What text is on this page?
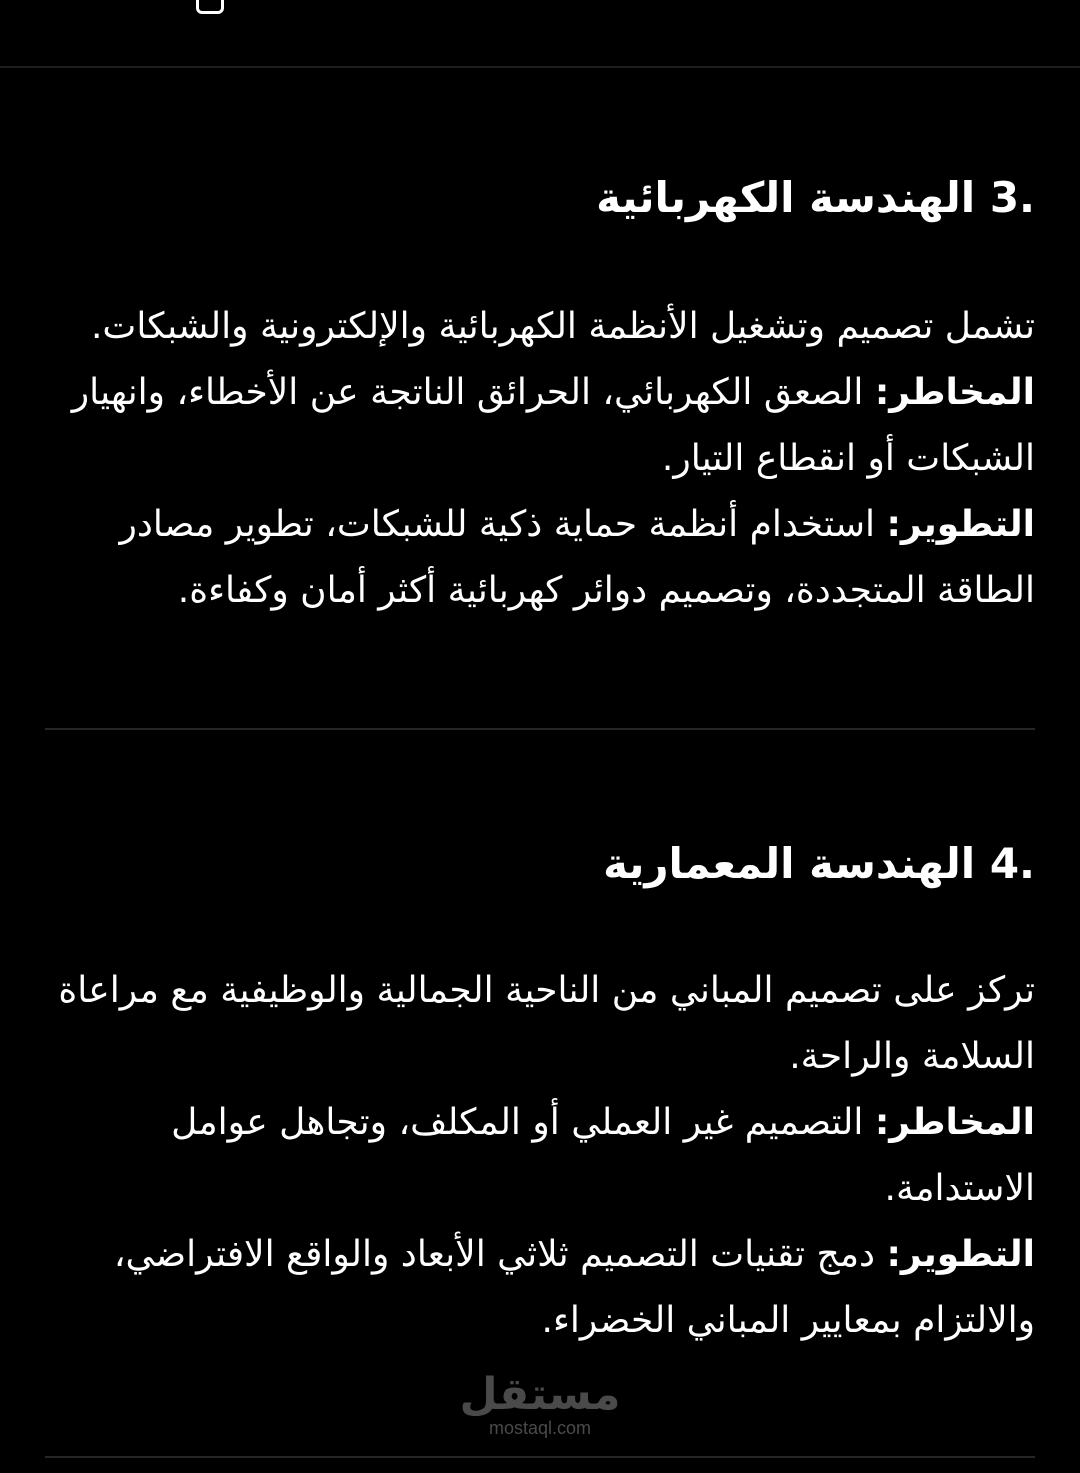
3. الهندسة الكهربائية

تشمل تصميم وتشغيل الأنظمة الكهربائية والإلكترونية والشبكات.

المخاطر: الصعق الكهربائي، الحرائق الناتجة عن الأخطاء، وانهيار الشبكات أو انقطاع التيار.

التطوير: استخدام أنظمة حماية ذكية للشبكات، تطوير مصادر الطاقة المتجددة، وتصميم دوائر كهربائية أكثر أمان وكفاءة.

4. الهندسة المعمارية

تركز على تصميم المباني من الناحية الجمالية والوظيفية مع مراعاة السلامة والراحة.

المخاطر: التصميم غير العملي أو المكلف، وتجاهل عوامل الاستدامة.

التطوير: دمج تقنيات التصميم ثلاثي الأبعاد والواقع الافتراضي، والالتزام بمعايير المباني الخضراء.

مستقل
mostaql.com
